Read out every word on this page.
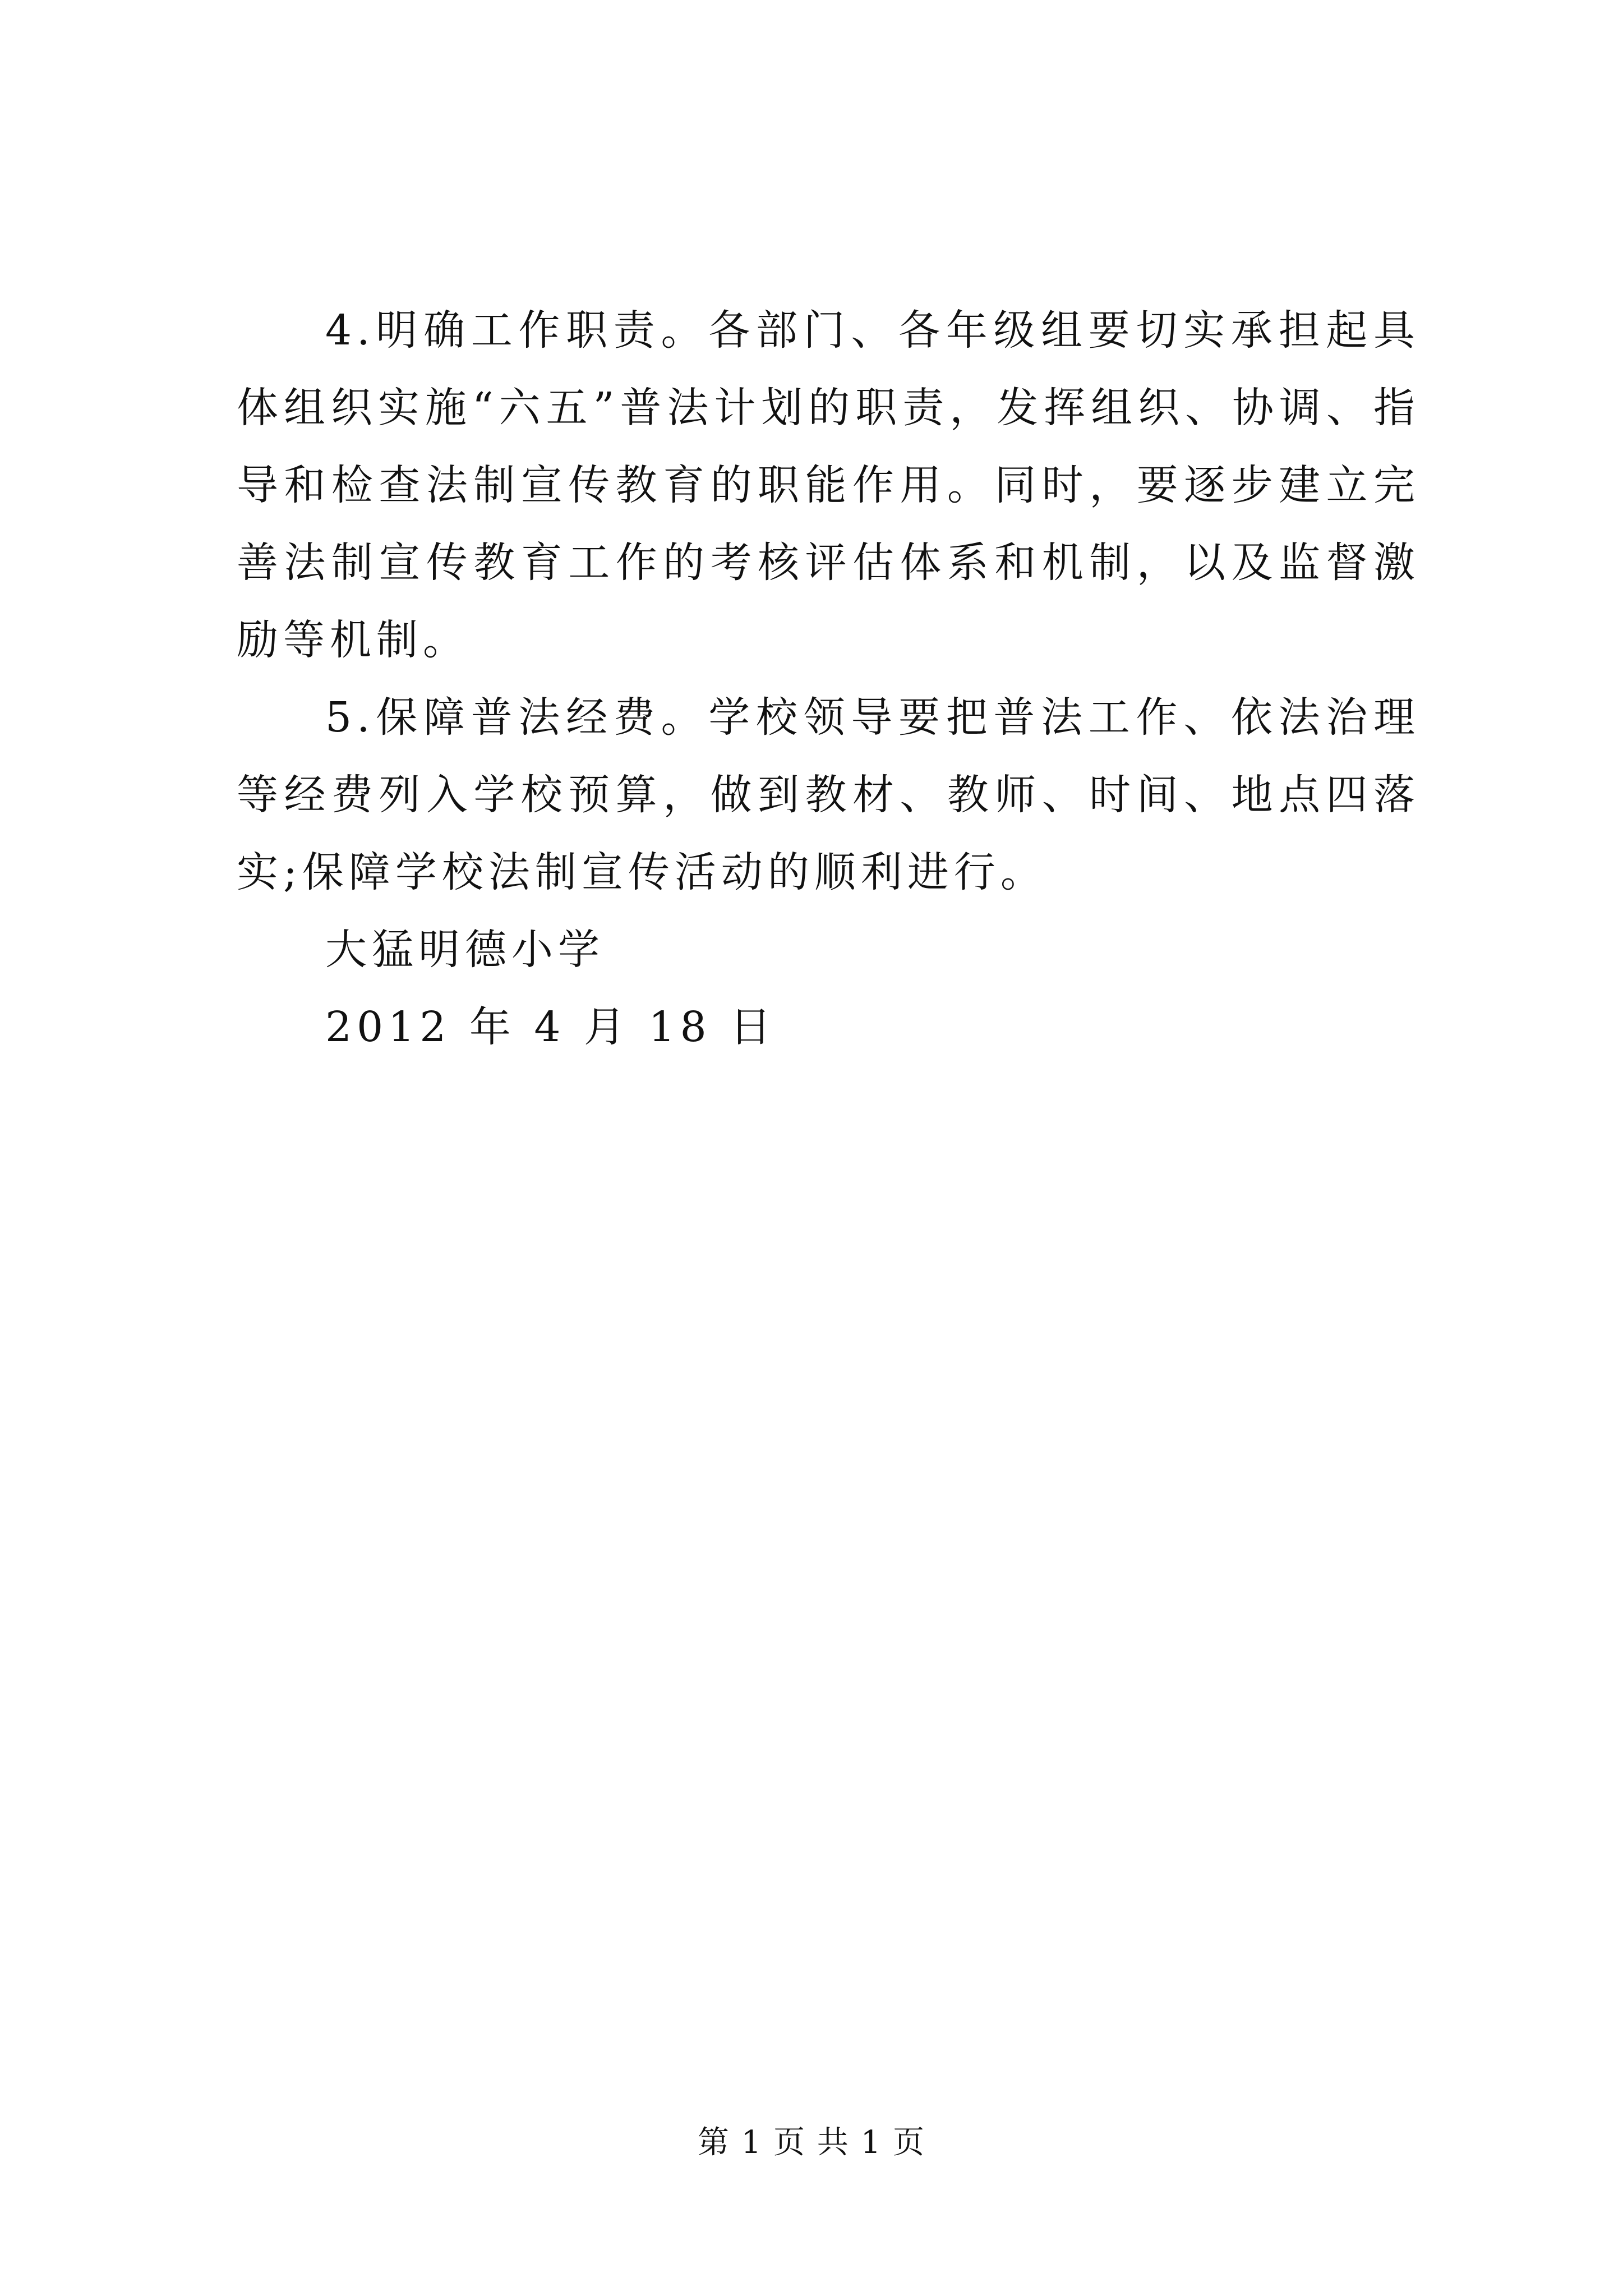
4.明确工作职责。各部门、各年级组要切实承担起具体组织实施“六五”普法计划的职责，发挥组织、协调、指导和检查法制宣传教育的职能作用。同时，要逐步建立完善法制宣传教育工作的考核评估体系和机制，以及监督激励等机制。

5.保障普法经费。学校领导要把普法工作、依法治理等经费列入学校预算，做到教材、教师、时间、地点四落实;保障学校法制宣传活动的顺利进行。

大猛明德小学

2012 年 4 月 18 日

第 1 页 共 1 页
